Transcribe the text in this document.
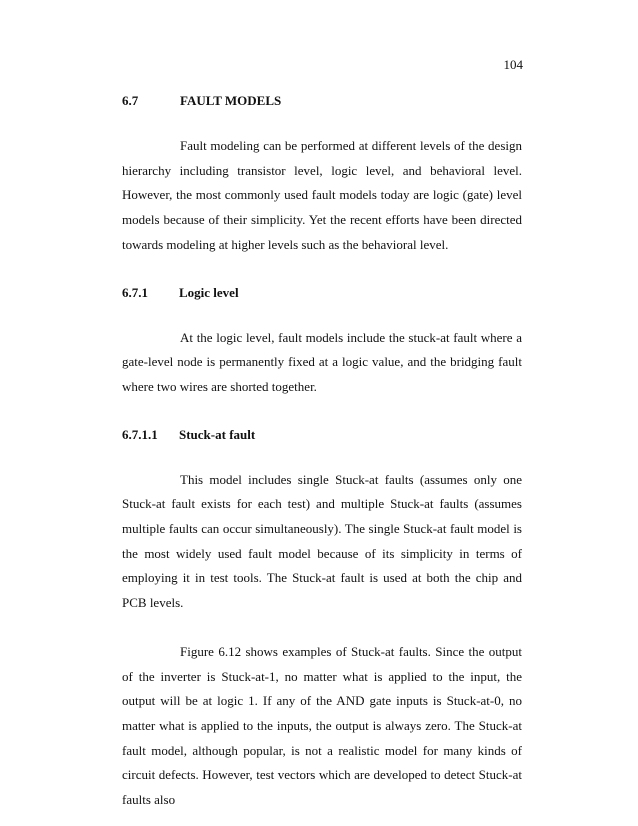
104
6.7	FAULT MODELS

Fault modeling can be performed at different levels of the design hierarchy including transistor level, logic level, and behavioral level. However, the most commonly used fault models today are logic (gate) level models because of their simplicity. Yet the recent efforts have been directed towards modeling at higher levels such as the behavioral level.

6.7.1	Logic level

At the logic level, fault models include the stuck-at fault where a gate-level node is permanently fixed at a logic value, and the bridging fault where two wires are shorted together.

6.7.1.1	Stuck-at fault

This model includes single Stuck-at faults (assumes only one Stuck-at fault exists for each test) and multiple Stuck-at faults (assumes multiple faults can occur simultaneously). The single Stuck-at fault model is the most widely used fault model because of its simplicity in terms of employing it in test tools. The Stuck-at fault is used at both the chip and PCB levels.

Figure 6.12 shows examples of Stuck-at faults. Since the output of the inverter is Stuck-at-1, no matter what is applied to the input, the output will be at logic 1. If any of the AND gate inputs is Stuck-at-0, no matter what is applied to the inputs, the output is always zero. The Stuck-at fault model, although popular, is not a realistic model for many kinds of circuit defects. However, test vectors which are developed to detect Stuck-at faults also
